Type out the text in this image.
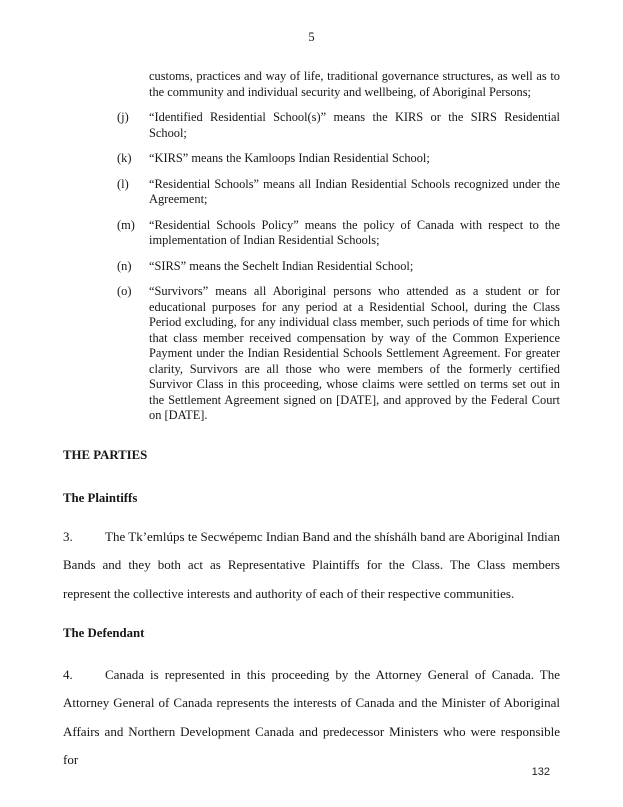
5

customs, practices and way of life, traditional governance structures, as well as to the community and individual security and wellbeing, of Aboriginal Persons;

(j) “Identified Residential School(s)” means the KIRS or the SIRS Residential School;
(k) “KIRS” means the Kamloops Indian Residential School;
(l) “Residential Schools” means all Indian Residential Schools recognized under the Agreement;
(m) “Residential Schools Policy” means the policy of Canada with respect to the implementation of Indian Residential Schools;
(n) “SIRS” means the Sechelt Indian Residential School;
(o) “Survivors” means all Aboriginal persons who attended as a student or for educational purposes for any period at a Residential School, during the Class Period excluding, for any individual class member, such periods of time for which that class member received compensation by way of the Common Experience Payment under the Indian Residential Schools Settlement Agreement. For greater clarity, Survivors are all those who were members of the formerly certified Survivor Class in this proceeding, whose claims were settled on terms set out in the Settlement Agreement signed on [DATE], and approved by the Federal Court on [DATE].
THE PARTIES
The Plaintiffs

3. The Tk’emlúps te Secwépemc Indian Band and the shíshálh band are Aboriginal Indian Bands and they both act as Representative Plaintiffs for the Class. The Class members represent the collective interests and authority of each of their respective communities.

The Defendant

4. Canada is represented in this proceeding by the Attorney General of Canada. The Attorney General of Canada represents the interests of Canada and the Minister of Aboriginal Affairs and Northern Development Canada and predecessor Ministers who were responsible for

132
